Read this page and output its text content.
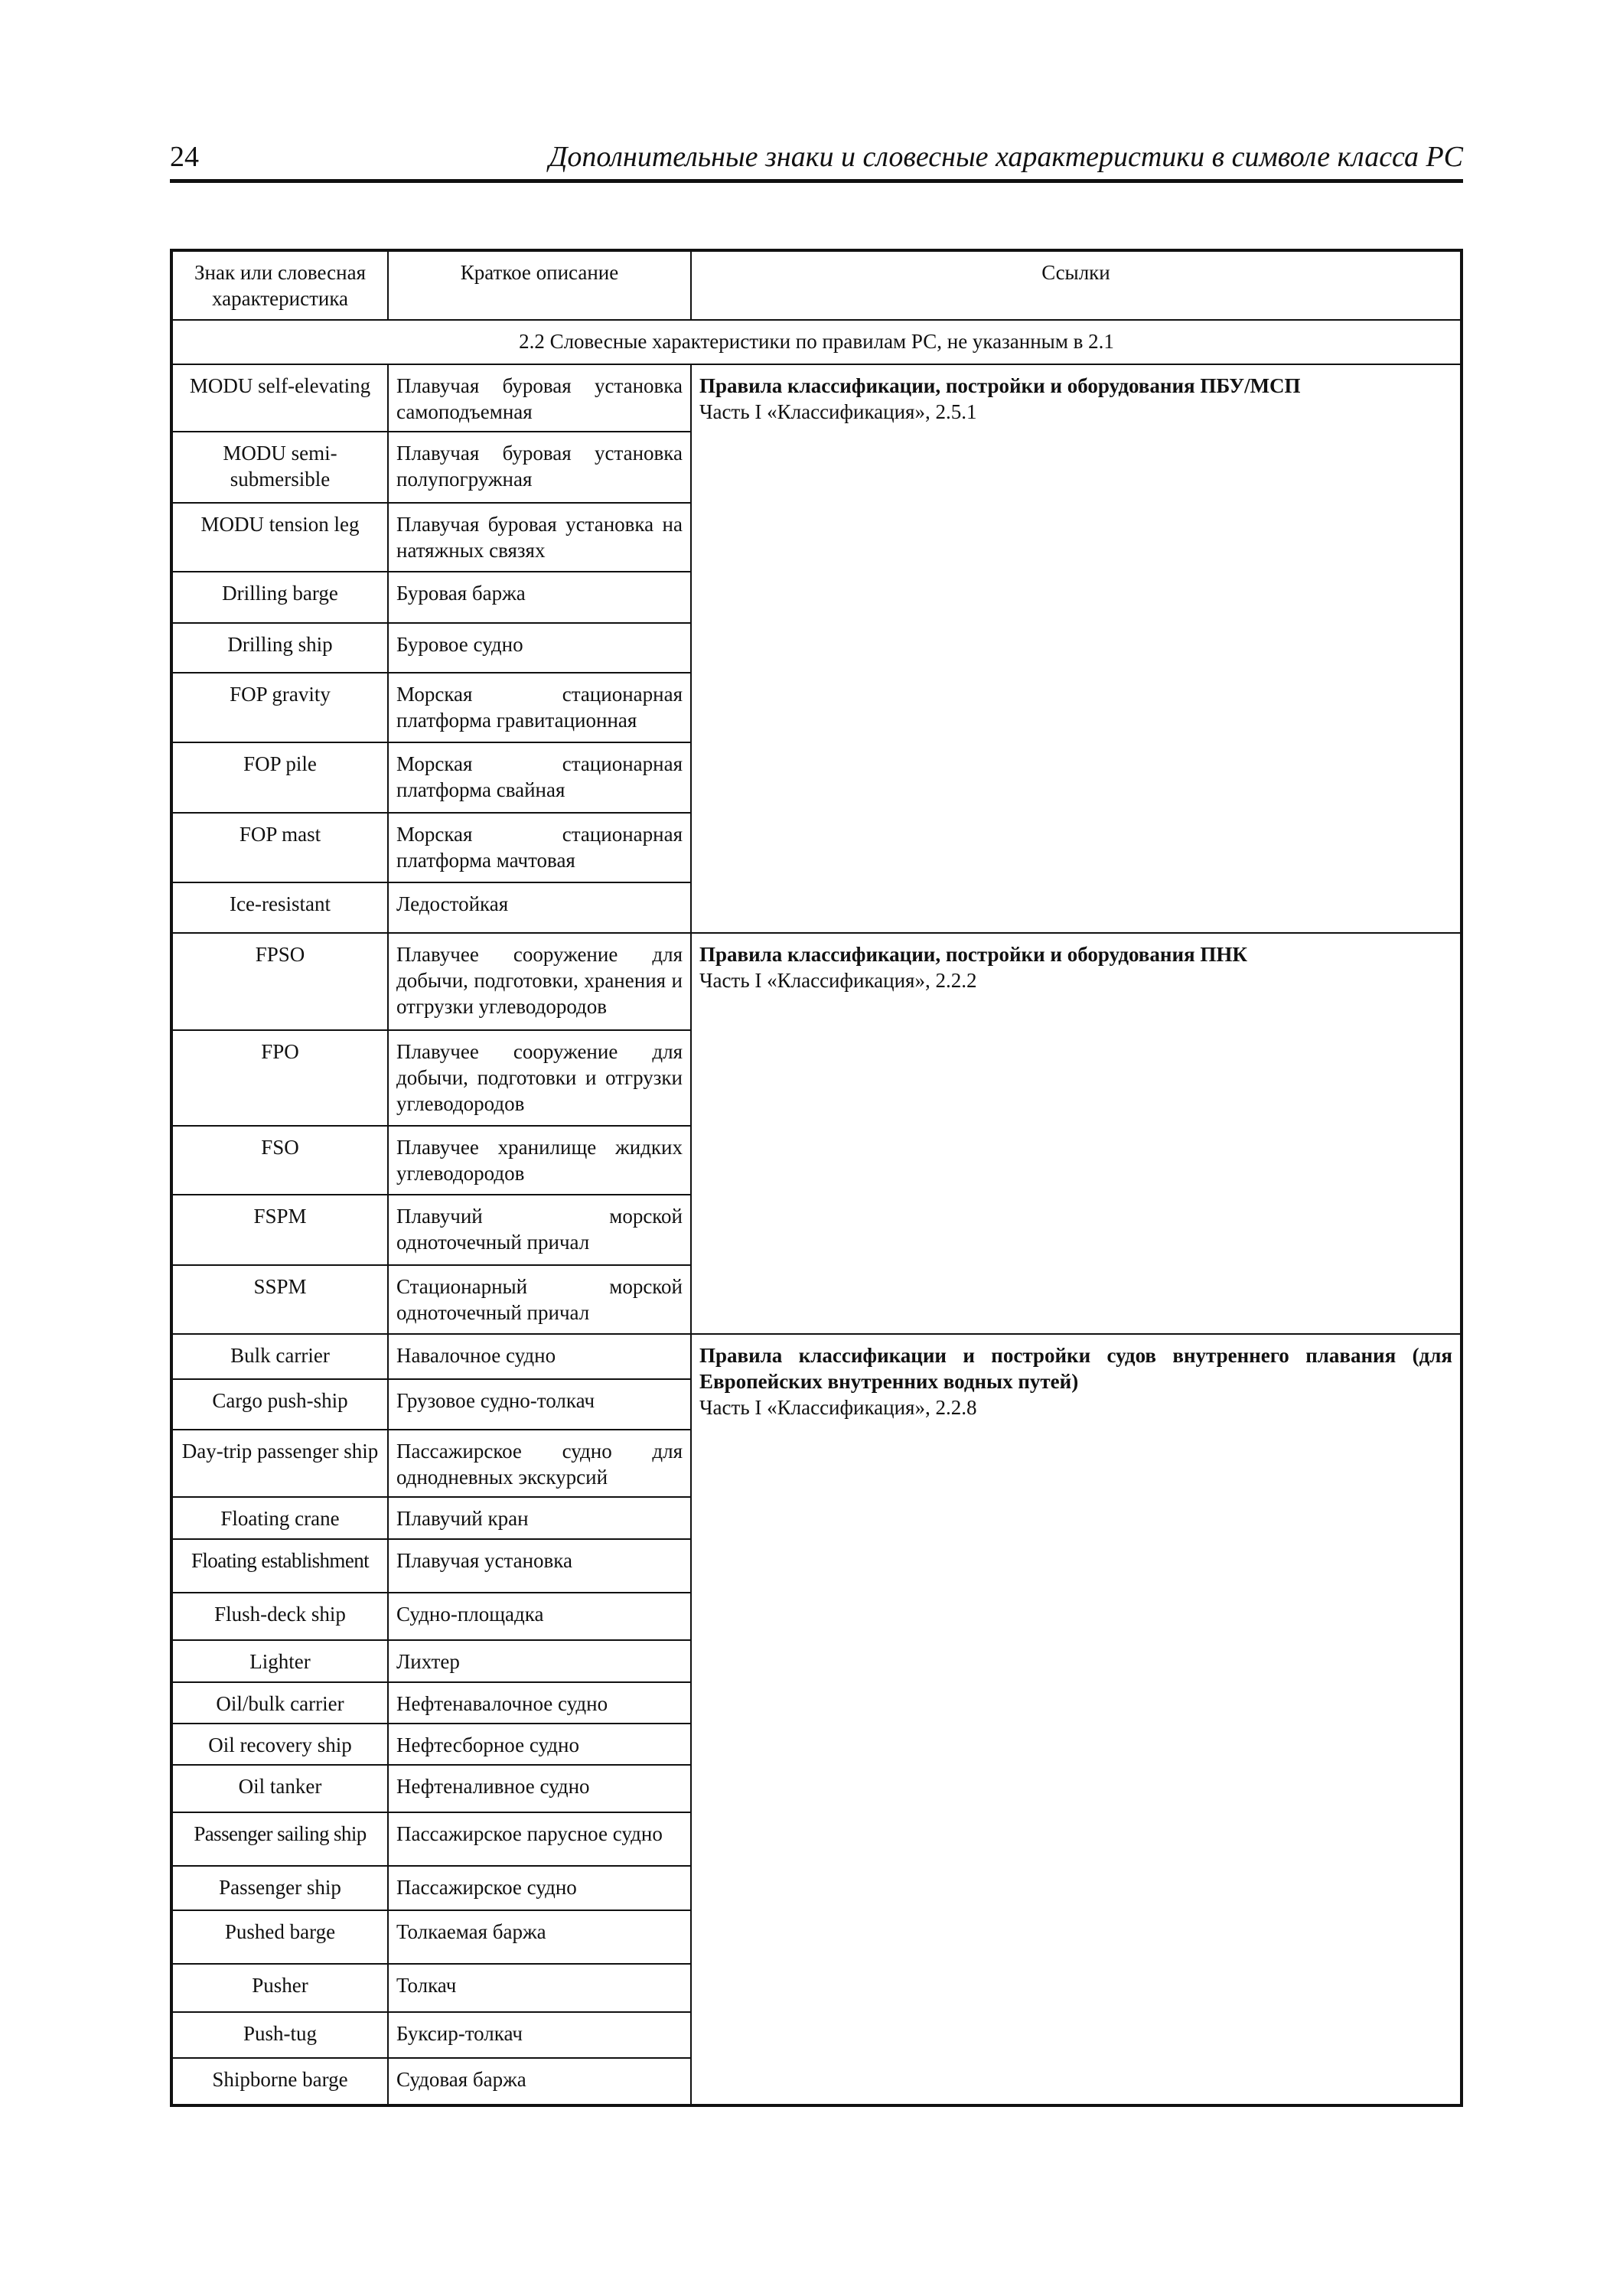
24	Дополнительные знаки и словесные характеристики в символе класса РС
Знак или словесная характеристика	Краткое описание	Ссылки
2.2 Словесные характеристики по правилам РС, не указанным в 2.1		
MODU self-elevating	Плавучая буровая установка самоподъемная	Правила классификации, постройки и оборудования ПБУ/МСП
Часть I «Классификация», 2.5.1

MODU semi-submersible	Плавучая буровая установка полупогружная	
MODU tension leg	Плавучая буровая установка на натяжных связях	
Drilling barge	Буровая баржа	
Drilling ship	Буровое судно	
FOP gravity	Морская стационарная платформа гравитационная	
FOP pile	Морская стационарная платформа свайная	
FOP mast	Морская стационарная платформа мачтовая	
Ice-resistant	Ледостойкая	
FPSO	Плавучее сооружение для добычи, подготовки, хранения и отгрузки углеводородов	Правила классификации, постройки и оборудования ПНК
Часть I «Классификация», 2.2.2

FPO	Плавучее сооружение для добычи, подготовки и отгрузки углеводородов	
FSO	Плавучее хранилище жидких углеводородов	
FSPM	Плавучий морской одноточечный причал	
SSPM	Стационарный морской одноточечный причал	
Bulk carrier	Навалочное судно	Правила классификации и постройки судов внутреннего плавания (для Европейских внутренних водных путей)
Часть I «Классификация», 2.2.8

Cargo push-ship	Грузовое судно-толкач	
Day-trip passenger ship	Пассажирское судно для однодневных экскурсий	
Floating crane	Плавучий кран	
Floating establishment	Плавучая установка	
Flush-deck ship	Судно-площадка	
Lighter	Лихтер	
Oil/bulk carrier	Нефтенавалочное судно	
Oil recovery ship	Нефтесборное судно	
Oil tanker	Нефтеналивное судно	
Passenger sailing ship	Пассажирское парусное судно	
Passenger ship	Пассажирское судно	
Pushed barge	Толкаемая баржа	
Pusher	Толкач	
Push-tug	Буксир-толкач	
Shipborne barge	Судовая баржа	
